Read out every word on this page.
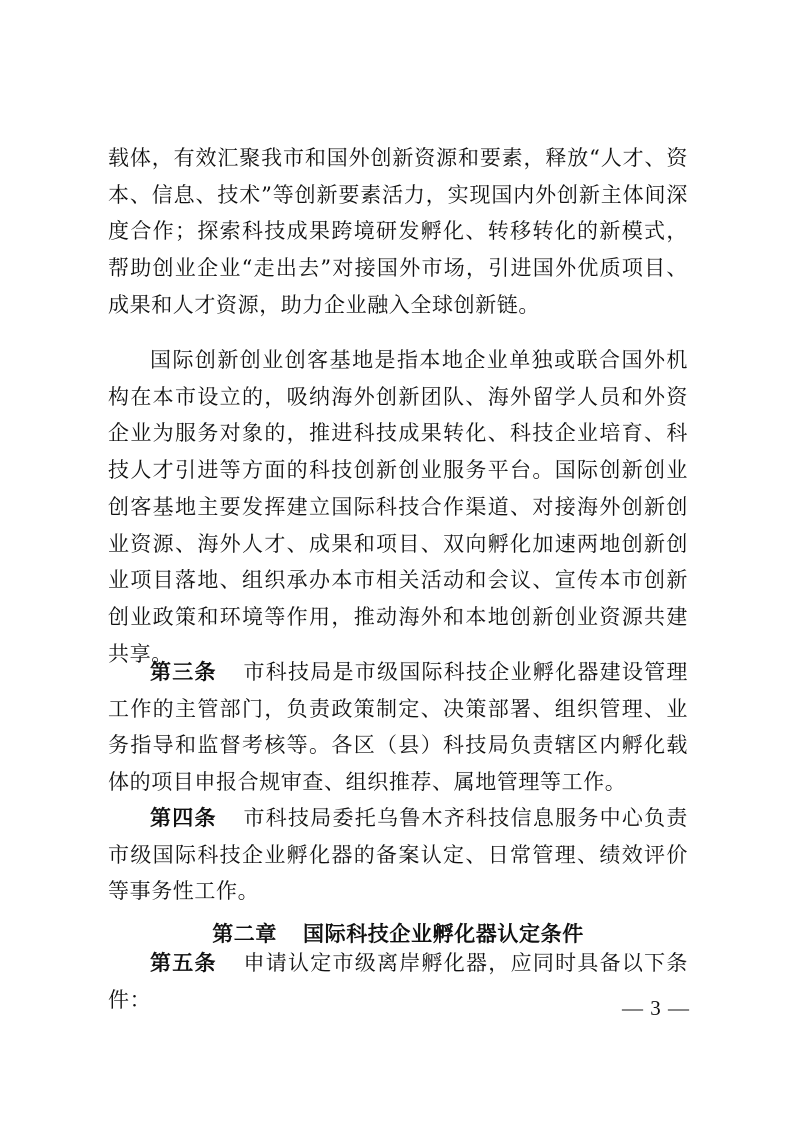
载体，有效汇聚我市和国外创新资源和要素，释放“人才、资本、信息、技术”等创新要素活力，实现国内外创新主体间深度合作；探索科技成果跨境研发孵化、转移转化的新模式，帮助创业企业“走出去”对接国外市场，引进国外优质项目、成果和人才资源，助力企业融入全球创新链。

国际创新创业创客基地是指本地企业单独或联合国外机构在本市设立的，吸纳海外创新团队、海外留学人员和外资企业为服务对象的，推进科技成果转化、科技企业培育、科技人才引进等方面的科技创新创业服务平台。国际创新创业创客基地主要发挥建立国际科技合作渠道、对接海外创新创业资源、海外人才、成果和项目、双向孵化加速两地创新创业项目落地、组织承办本市相关活动和会议、宣传本市创新创业政策和环境等作用，推动海外和本地创新创业资源共建共享。

第三条 市科技局是市级国际科技企业孵化器建设管理工作的主管部门，负责政策制定、决策部署、组织管理、业务指导和监督考核等。各区（县）科技局负责辖区内孵化载体的项目申报合规审查、组织推荐、属地管理等工作。

第四条 市科技局委托乌鲁木齐科技信息服务中心负责市级国际科技企业孵化器的备案认定、日常管理、绩效评价等事务性工作。

第二章 国际科技企业孵化器认定条件

第五条 申请认定市级离岸孵化器，应同时具备以下条件：	— 3 —
